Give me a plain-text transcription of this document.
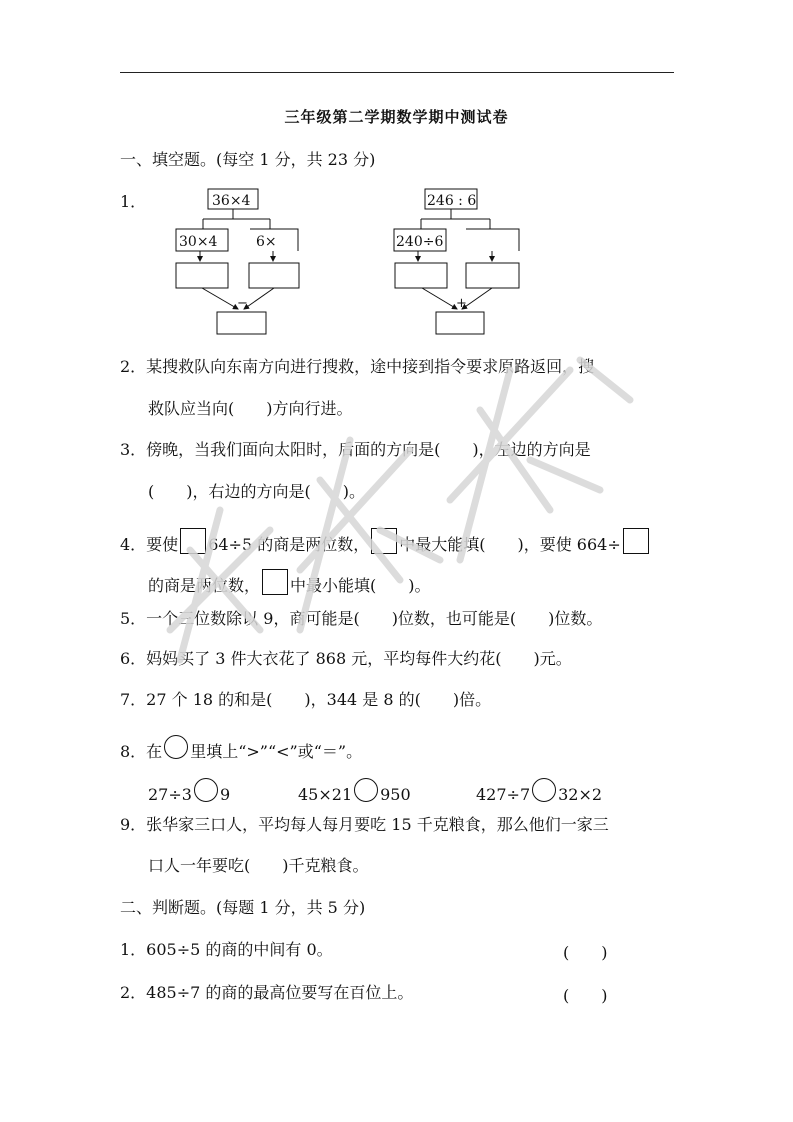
三年级第二学期数学期中测试卷
一、填空题。(每空 1 分，共 23 分)
1．	36×4
30×4	6×
−
246 : 6
240÷6
+
2．某搜救队向东南方向进行搜救，途中接到指令要求原路返回，搜
救队应当向(　　)方向行进。
3．傍晚，当我们面向太阳时，后面的方向是(　　)，左边的方向是
(　　)，右边的方向是(　　)。
4．要使 64÷5 的商是两位数， 中最大能填(　　)，要使 664÷
的商是两位数， 中最小能填(　　)。
5．一个三位数除以 9，商可能是(　　)位数，也可能是(　　)位数。
6．妈妈买了 3 件大衣花了 868 元，平均每件大约花(　　)元。
7．27 个 18 的和是(　　)，344 是 8 的(　　)倍。
8．在 里填上“>”“<”或“＝”。
27÷3 9	45×21 950	427÷7 32×2
9．张华家三口人，平均每人每月要吃 15 千克粮食，那么他们一家三
口人一年要吃(　　)千克粮食。
二、判断题。(每题 1 分，共 5 分)
1．605÷5 的商的中间有 0。	(　　)
2．485÷7 的商的最高位要写在百位上。	(　　)
